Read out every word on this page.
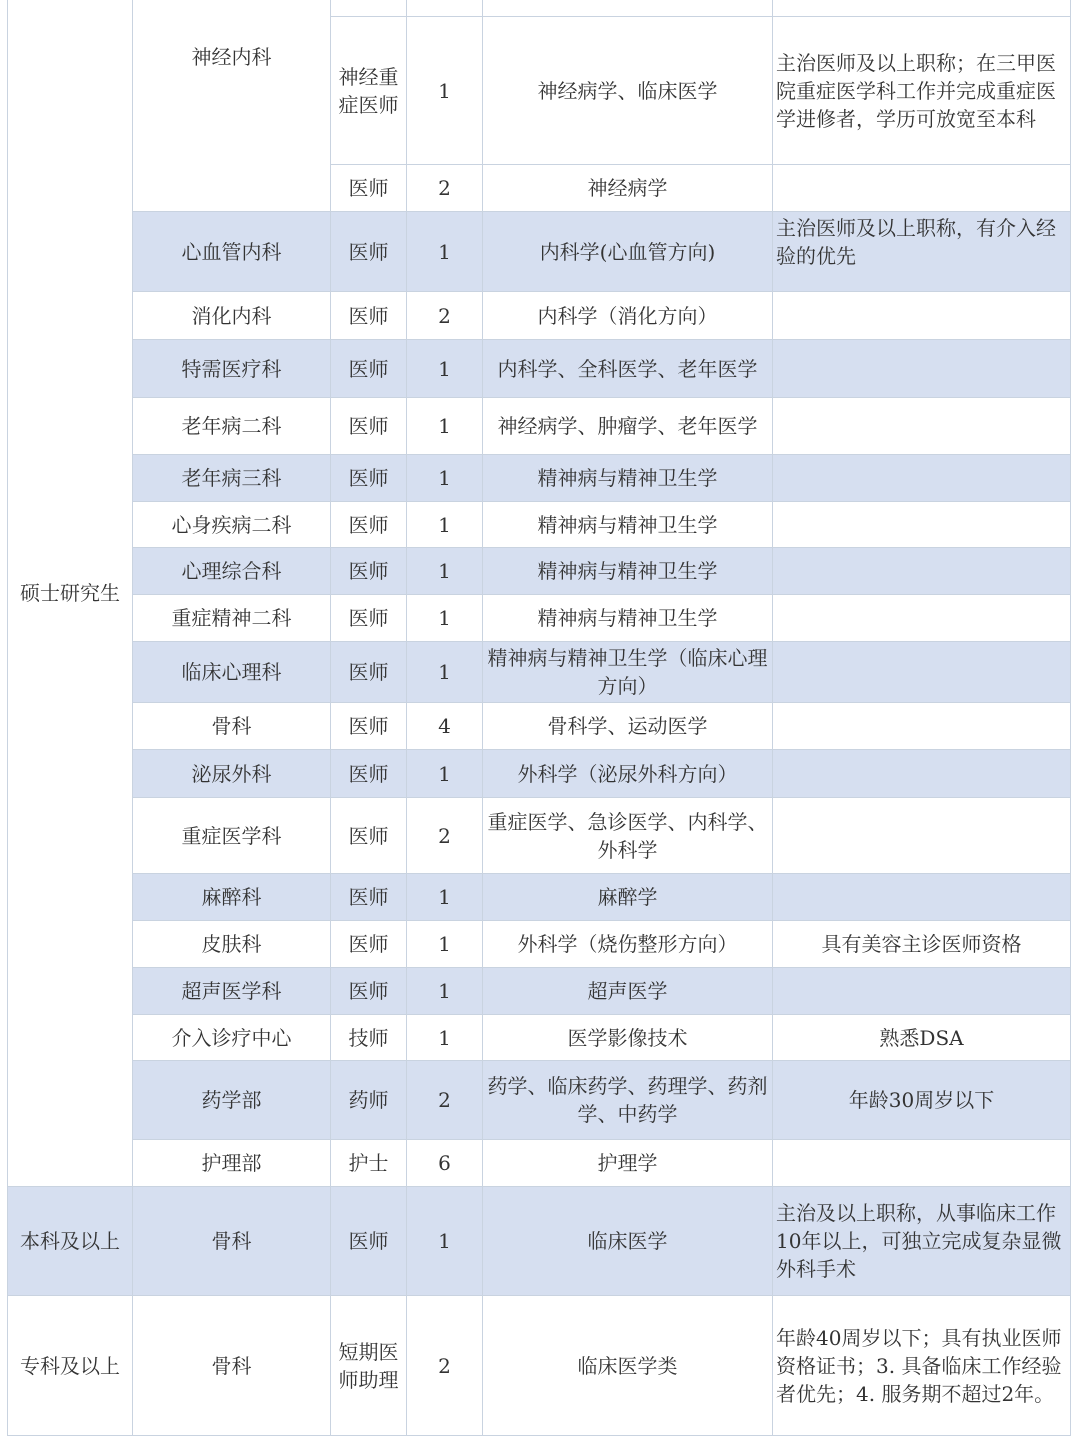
硕士研究生	神经内科				
		神经重症医师	1	神经病学、临床医学	主治医师及以上职称；在三甲医院重症医学科工作并完成重症医学进修者，学历可放宽至本科
		医师	2	神经病学	
	心血管内科	医师	1	内科学(心血管方向)	主治医师及以上职称，有介入经验的优先
	消化内科	医师	2	内科学（消化方向）	
	特需医疗科	医师	1	内科学、全科医学、老年医学	
	老年病二科	医师	1	神经病学、肿瘤学、老年医学	
	老年病三科	医师	1	精神病与精神卫生学	
	心身疾病二科	医师	1	精神病与精神卫生学	
	心理综合科	医师	1	精神病与精神卫生学	
	重症精神二科	医师	1	精神病与精神卫生学	
	临床心理科	医师	1	精神病与精神卫生学（临床心理方向）	
	骨科	医师	4	骨科学、运动医学	
	泌尿外科	医师	1	外科学（泌尿外科方向）	
	重症医学科	医师	2	重症医学、急诊医学、内科学、外科学	
	麻醉科	医师	1	麻醉学	
	皮肤科	医师	1	外科学（烧伤整形方向）	具有美容主诊医师资格
	超声医学科	医师	1	超声医学	
	介入诊疗中心	技师	1	医学影像技术	熟悉DSA
	药学部	药师	2	药学、临床药学、药理学、药剂学、中药学	年龄30周岁以下
	护理部	护士	6	护理学	
本科及以上	骨科	医师	1	临床医学	主治及以上职称，从事临床工作10年以上，可独立完成复杂显微外科手术
专科及以上	骨科	短期医师助理	2	临床医学类	年龄40周岁以下；具有执业医师资格证书；3. 具备临床工作经验者优先；4. 服务期不超过2年。
